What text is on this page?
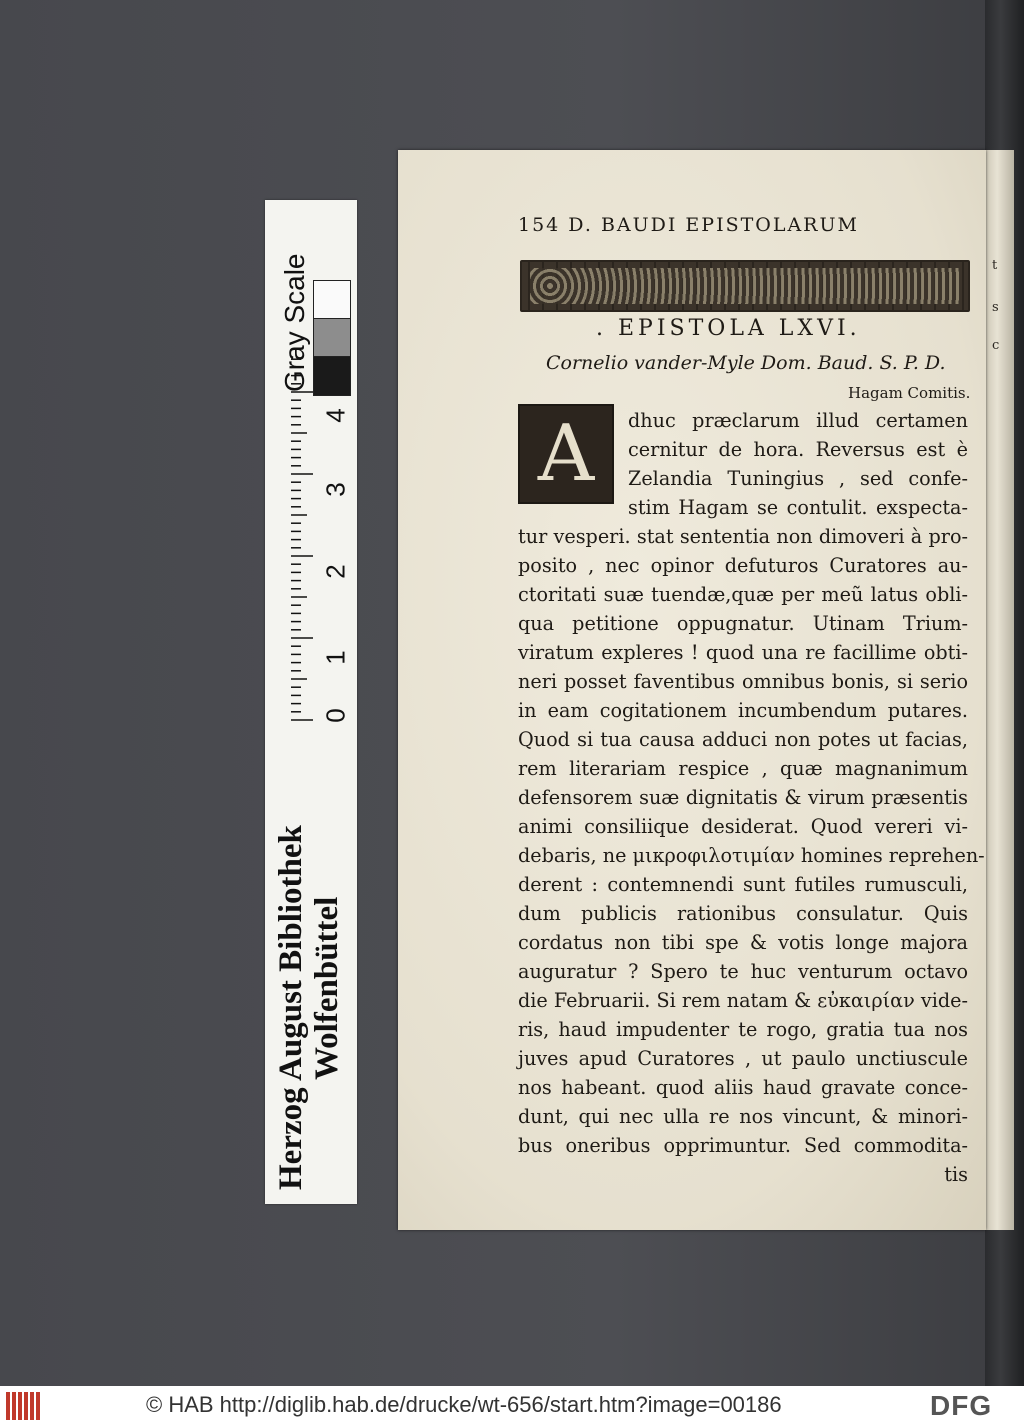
t
s
c
Herzog August Bibliothek Wolfenbüttel
Gray Scale
0
1
2
3
4
154 D. BAUDI EPISTOLARUM
. EPISTOLA LXVI.
Cornelio vander-Myle Dom. Baud. S. P. D.
Hagam Comitis.
A	dhuc præclarum illud certamen
cernitur de hora. Reversus est è
Zelandia Tuningius , sed confe-
stim Hagam se contulit. exspecta-
tur vesperi. stat sententia non dimoveri à pro-
posito , nec opinor defuturos Curatores au-
ctoritati suæ tuendæ,quæ per meũ latus obli-
qua petitione oppugnatur. Utinam Trium-
viratum expleres ! quod una re facillime obti-
neri posset faventibus omnibus bonis, si serio
in eam cogitationem incumbendum putares.
Quod si tua causa adduci non potes ut facias,
rem literariam respice , quæ magnanimum
defensorem suæ dignitatis & virum præsentis
animi consiliique desiderat. Quod vereri vi-
debaris, ne μικροφιλοτιμίαν homines reprehen-
derent : contemnendi sunt futiles rumusculi,
dum publicis rationibus consulatur. Quis
cordatus non tibi spe & votis longe majora
auguratur ? Spero te huc venturum octavo
die Februarii. Si rem natam & εὐκαιρίαν vide-
ris, haud impudenter te rogo, gratia tua nos
juves apud Curatores , ut paulo unctiuscule
nos habeant. quod aliis haud gravate conce-
dunt, qui nec ulla re nos vincunt, & minori-
bus oneribus opprimuntur. Sed commodita-
tis
© HAB http://diglib.hab.de/drucke/wt-656/start.htm?image=00186	DFG
